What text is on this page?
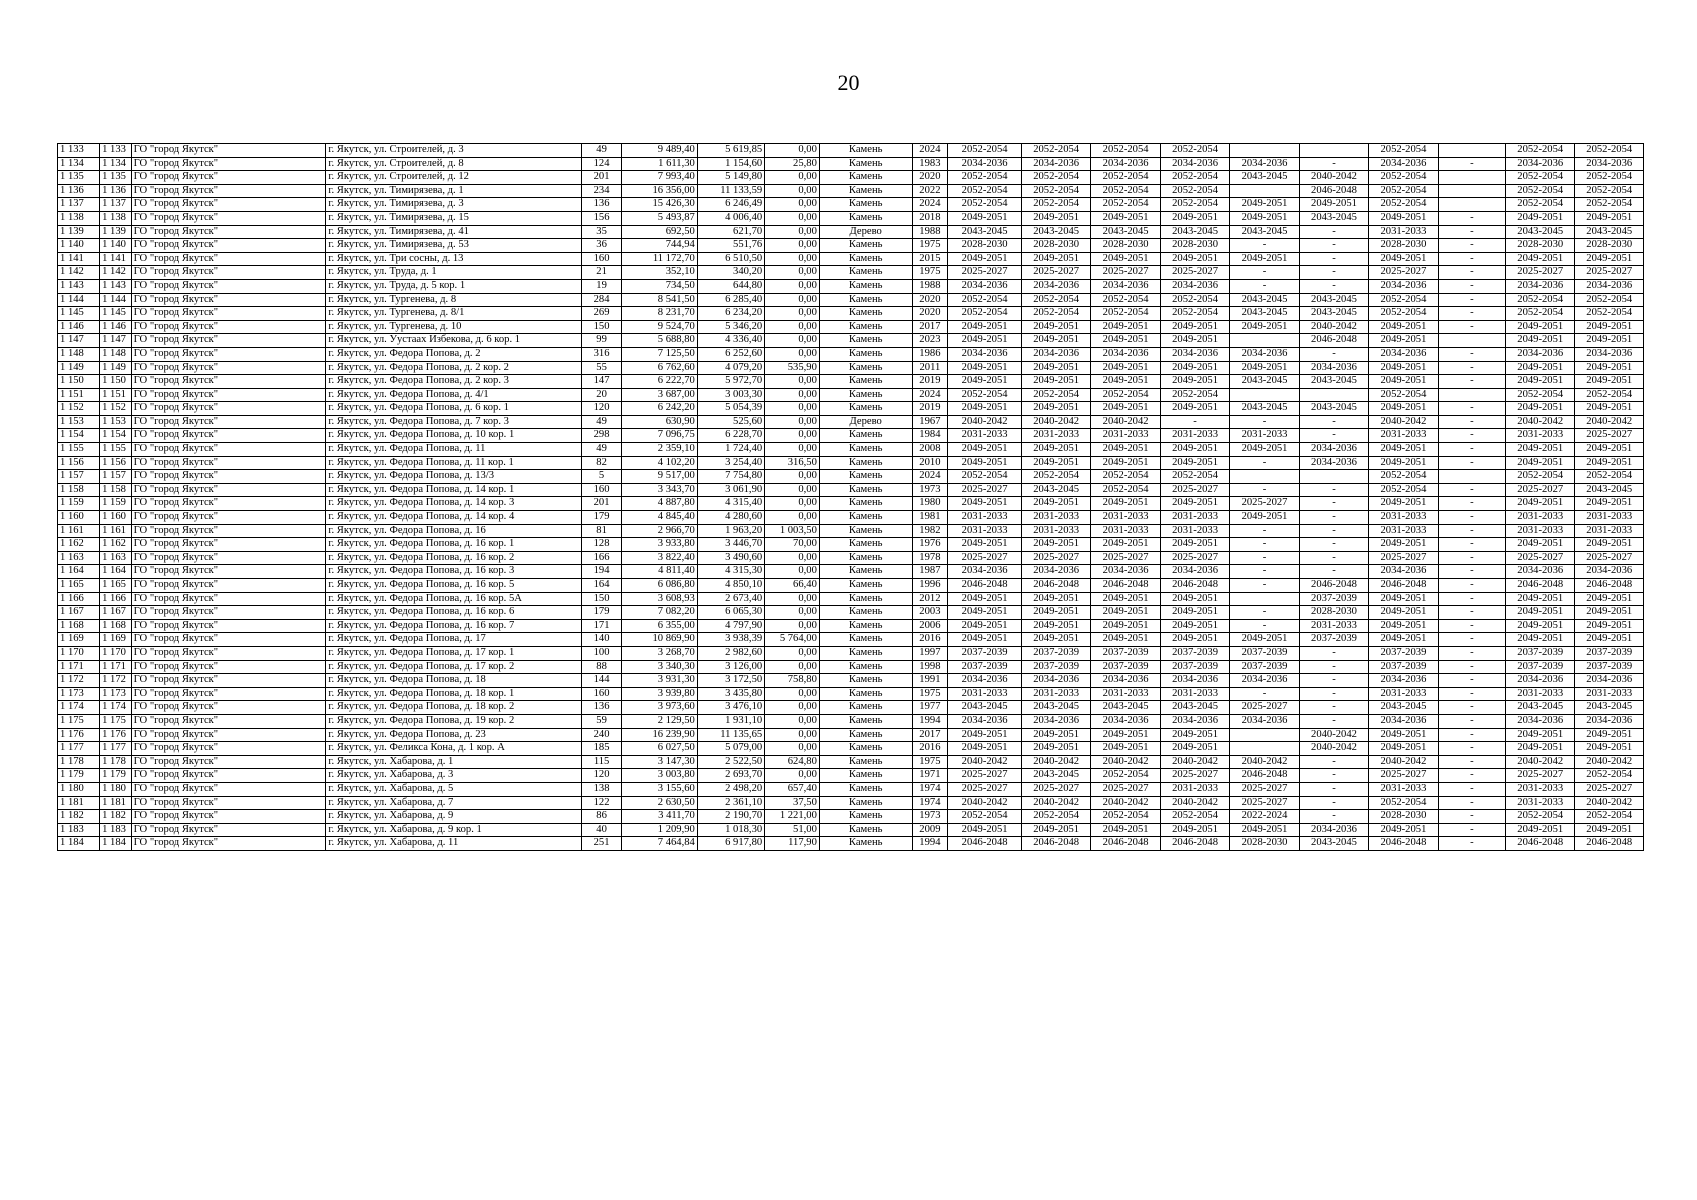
20
1 133	1 133	ГО "город Якутск"	г. Якутск, ул. Строителей, д. 3	49	9 489,40	5 619,85	0,00	Камень	2024	2052-2054	2052-2054	2052-2054	2052-2054			2052-2054		2052-2054	2052-2054
1 134	1 134	ГО "город Якутск"	г. Якутск, ул. Строителей, д. 8	124	1 611,30	1 154,60	25,80	Камень	1983	2034-2036	2034-2036	2034-2036	2034-2036	2034-2036	-	2034-2036	-	2034-2036	2034-2036
1 135	1 135	ГО "город Якутск"	г. Якутск, ул. Строителей, д. 12	201	7 993,40	5 149,80	0,00	Камень	2020	2052-2054	2052-2054	2052-2054	2052-2054	2043-2045	2040-2042	2052-2054		2052-2054	2052-2054
1 136	1 136	ГО "город Якутск"	г. Якутск, ул. Тимирязева, д. 1	234	16 356,00	11 133,59	0,00	Камень	2022	2052-2054	2052-2054	2052-2054	2052-2054		2046-2048	2052-2054		2052-2054	2052-2054
1 137	1 137	ГО "город Якутск"	г. Якутск, ул. Тимирязева, д. 3	136	15 426,30	6 246,49	0,00	Камень	2024	2052-2054	2052-2054	2052-2054	2052-2054	2049-2051	2049-2051	2052-2054		2052-2054	2052-2054
1 138	1 138	ГО "город Якутск"	г. Якутск, ул. Тимирязева, д. 15	156	5 493,87	4 006,40	0,00	Камень	2018	2049-2051	2049-2051	2049-2051	2049-2051	2049-2051	2043-2045	2049-2051	-	2049-2051	2049-2051
1 139	1 139	ГО "город Якутск"	г. Якутск, ул. Тимирязева, д. 41	35	692,50	621,70	0,00	Дерево	1988	2043-2045	2043-2045	2043-2045	2043-2045	2043-2045	-	2031-2033	-	2043-2045	2043-2045
1 140	1 140	ГО "город Якутск"	г. Якутск, ул. Тимирязева, д. 53	36	744,94	551,76	0,00	Камень	1975	2028-2030	2028-2030	2028-2030	2028-2030	-	-	2028-2030	-	2028-2030	2028-2030
1 141	1 141	ГО "город Якутск"	г. Якутск, ул. Три сосны, д. 13	160	11 172,70	6 510,50	0,00	Камень	2015	2049-2051	2049-2051	2049-2051	2049-2051	2049-2051	-	2049-2051	-	2049-2051	2049-2051
1 142	1 142	ГО "город Якутск"	г. Якутск, ул. Труда, д. 1	21	352,10	340,20	0,00	Камень	1975	2025-2027	2025-2027	2025-2027	2025-2027	-	-	2025-2027	-	2025-2027	2025-2027
1 143	1 143	ГО "город Якутск"	г. Якутск, ул. Труда, д. 5 кор. 1	19	734,50	644,80	0,00	Камень	1988	2034-2036	2034-2036	2034-2036	2034-2036	-	-	2034-2036	-	2034-2036	2034-2036
1 144	1 144	ГО "город Якутск"	г. Якутск, ул. Тургенева, д. 8	284	8 541,50	6 285,40	0,00	Камень	2020	2052-2054	2052-2054	2052-2054	2052-2054	2043-2045	2043-2045	2052-2054	-	2052-2054	2052-2054
1 145	1 145	ГО "город Якутск"	г. Якутск, ул. Тургенева, д. 8/1	269	8 231,70	6 234,20	0,00	Камень	2020	2052-2054	2052-2054	2052-2054	2052-2054	2043-2045	2043-2045	2052-2054	-	2052-2054	2052-2054
1 146	1 146	ГО "город Якутск"	г. Якутск, ул. Тургенева, д. 10	150	9 524,70	5 346,20	0,00	Камень	2017	2049-2051	2049-2051	2049-2051	2049-2051	2049-2051	2040-2042	2049-2051	-	2049-2051	2049-2051
1 147	1 147	ГО "город Якутск"	г. Якутск, ул. Уустаах Избекова, д. 6 кор. 1	99	5 688,80	4 336,40	0,00	Камень	2023	2049-2051	2049-2051	2049-2051	2049-2051		2046-2048	2049-2051		2049-2051	2049-2051
1 148	1 148	ГО "город Якутск"	г. Якутск, ул. Федора Попова, д. 2	316	7 125,50	6 252,60	0,00	Камень	1986	2034-2036	2034-2036	2034-2036	2034-2036	2034-2036	-	2034-2036	-	2034-2036	2034-2036
1 149	1 149	ГО "город Якутск"	г. Якутск, ул. Федора Попова, д. 2 кор. 2	55	6 762,60	4 079,20	535,90	Камень	2011	2049-2051	2049-2051	2049-2051	2049-2051	2049-2051	2034-2036	2049-2051	-	2049-2051	2049-2051
1 150	1 150	ГО "город Якутск"	г. Якутск, ул. Федора Попова, д. 2 кор. 3	147	6 222,70	5 972,70	0,00	Камень	2019	2049-2051	2049-2051	2049-2051	2049-2051	2043-2045	2043-2045	2049-2051	-	2049-2051	2049-2051
1 151	1 151	ГО "город Якутск"	г. Якутск, ул. Федора Попова, д. 4/1	20	3 687,00	3 003,30	0,00	Камень	2024	2052-2054	2052-2054	2052-2054	2052-2054			2052-2054		2052-2054	2052-2054
1 152	1 152	ГО "город Якутск"	г. Якутск, ул. Федора Попова, д. 6 кор. 1	120	6 242,20	5 054,39	0,00	Камень	2019	2049-2051	2049-2051	2049-2051	2049-2051	2043-2045	2043-2045	2049-2051	-	2049-2051	2049-2051
1 153	1 153	ГО "город Якутск"	г. Якутск, ул. Федора Попова, д. 7 кор. 3	49	630,90	525,60	0,00	Дерево	1967	2040-2042	2040-2042	2040-2042	-	-	-	2040-2042	-	2040-2042	2040-2042
1 154	1 154	ГО "город Якутск"	г. Якутск, ул. Федора Попова, д. 10 кор. 1	298	7 096,75	6 228,70	0,00	Камень	1984	2031-2033	2031-2033	2031-2033	2031-2033	2031-2033	-	2031-2033	-	2031-2033	2025-2027
1 155	1 155	ГО "город Якутск"	г. Якутск, ул. Федора Попова, д. 11	49	2 359,10	1 724,40	0,00	Камень	2008	2049-2051	2049-2051	2049-2051	2049-2051	2049-2051	2034-2036	2049-2051	-	2049-2051	2049-2051
1 156	1 156	ГО "город Якутск"	г. Якутск, ул. Федора Попова, д. 11 кор. 1	82	4 102,20	3 254,40	316,50	Камень	2010	2049-2051	2049-2051	2049-2051	2049-2051	-	2034-2036	2049-2051	-	2049-2051	2049-2051
1 157	1 157	ГО "город Якутск"	г. Якутск, ул. Федора Попова, д. 13/3	5	9 517,00	7 754,80	0,00	Камень	2024	2052-2054	2052-2054	2052-2054	2052-2054			2052-2054		2052-2054	2052-2054
1 158	1 158	ГО "город Якутск"	г. Якутск, ул. Федора Попова, д. 14 кор. 1	160	3 343,70	3 061,90	0,00	Камень	1973	2025-2027	2043-2045	2052-2054	2025-2027	-	-	2052-2054	-	2025-2027	2043-2045
1 159	1 159	ГО "город Якутск"	г. Якутск, ул. Федора Попова, д. 14 кор. 3	201	4 887,80	4 315,40	0,00	Камень	1980	2049-2051	2049-2051	2049-2051	2049-2051	2025-2027	-	2049-2051	-	2049-2051	2049-2051
1 160	1 160	ГО "город Якутск"	г. Якутск, ул. Федора Попова, д. 14 кор. 4	179	4 845,40	4 280,60	0,00	Камень	1981	2031-2033	2031-2033	2031-2033	2031-2033	2049-2051	-	2031-2033	-	2031-2033	2031-2033
1 161	1 161	ГО "город Якутск"	г. Якутск, ул. Федора Попова, д. 16	81	2 966,70	1 963,20	1 003,50	Камень	1982	2031-2033	2031-2033	2031-2033	2031-2033	-	-	2031-2033	-	2031-2033	2031-2033
1 162	1 162	ГО "город Якутск"	г. Якутск, ул. Федора Попова, д. 16 кор. 1	128	3 933,80	3 446,70	70,00	Камень	1976	2049-2051	2049-2051	2049-2051	2049-2051	-	-	2049-2051	-	2049-2051	2049-2051
1 163	1 163	ГО "город Якутск"	г. Якутск, ул. Федора Попова, д. 16 кор. 2	166	3 822,40	3 490,60	0,00	Камень	1978	2025-2027	2025-2027	2025-2027	2025-2027	-	-	2025-2027	-	2025-2027	2025-2027
1 164	1 164	ГО "город Якутск"	г. Якутск, ул. Федора Попова, д. 16 кор. 3	194	4 811,40	4 315,30	0,00	Камень	1987	2034-2036	2034-2036	2034-2036	2034-2036	-	-	2034-2036	-	2034-2036	2034-2036
1 165	1 165	ГО "город Якутск"	г. Якутск, ул. Федора Попова, д. 16 кор. 5	164	6 086,80	4 850,10	66,40	Камень	1996	2046-2048	2046-2048	2046-2048	2046-2048	-	2046-2048	2046-2048	-	2046-2048	2046-2048
1 166	1 166	ГО "город Якутск"	г. Якутск, ул. Федора Попова, д. 16 кор. 5А	150	3 608,93	2 673,40	0,00	Камень	2012	2049-2051	2049-2051	2049-2051	2049-2051		2037-2039	2049-2051	-	2049-2051	2049-2051
1 167	1 167	ГО "город Якутск"	г. Якутск, ул. Федора Попова, д. 16 кор. 6	179	7 082,20	6 065,30	0,00	Камень	2003	2049-2051	2049-2051	2049-2051	2049-2051	-	2028-2030	2049-2051	-	2049-2051	2049-2051
1 168	1 168	ГО "город Якутск"	г. Якутск, ул. Федора Попова, д. 16 кор. 7	171	6 355,00	4 797,90	0,00	Камень	2006	2049-2051	2049-2051	2049-2051	2049-2051	-	2031-2033	2049-2051	-	2049-2051	2049-2051
1 169	1 169	ГО "город Якутск"	г. Якутск, ул. Федора Попова, д. 17	140	10 869,90	3 938,39	5 764,00	Камень	2016	2049-2051	2049-2051	2049-2051	2049-2051	2049-2051	2037-2039	2049-2051	-	2049-2051	2049-2051
1 170	1 170	ГО "город Якутск"	г. Якутск, ул. Федора Попова, д. 17 кор. 1	100	3 268,70	2 982,60	0,00	Камень	1997	2037-2039	2037-2039	2037-2039	2037-2039	2037-2039	-	2037-2039	-	2037-2039	2037-2039
1 171	1 171	ГО "город Якутск"	г. Якутск, ул. Федора Попова, д. 17 кор. 2	88	3 340,30	3 126,00	0,00	Камень	1998	2037-2039	2037-2039	2037-2039	2037-2039	2037-2039	-	2037-2039	-	2037-2039	2037-2039
1 172	1 172	ГО "город Якутск"	г. Якутск, ул. Федора Попова, д. 18	144	3 931,30	3 172,50	758,80	Камень	1991	2034-2036	2034-2036	2034-2036	2034-2036	2034-2036	-	2034-2036	-	2034-2036	2034-2036
1 173	1 173	ГО "город Якутск"	г. Якутск, ул. Федора Попова, д. 18 кор. 1	160	3 939,80	3 435,80	0,00	Камень	1975	2031-2033	2031-2033	2031-2033	2031-2033	-	-	2031-2033	-	2031-2033	2031-2033
1 174	1 174	ГО "город Якутск"	г. Якутск, ул. Федора Попова, д. 18 кор. 2	136	3 973,60	3 476,10	0,00	Камень	1977	2043-2045	2043-2045	2043-2045	2043-2045	2025-2027	-	2043-2045	-	2043-2045	2043-2045
1 175	1 175	ГО "город Якутск"	г. Якутск, ул. Федора Попова, д. 19 кор. 2	59	2 129,50	1 931,10	0,00	Камень	1994	2034-2036	2034-2036	2034-2036	2034-2036	2034-2036	-	2034-2036	-	2034-2036	2034-2036
1 176	1 176	ГО "город Якутск"	г. Якутск, ул. Федора Попова, д. 23	240	16 239,90	11 135,65	0,00	Камень	2017	2049-2051	2049-2051	2049-2051	2049-2051		2040-2042	2049-2051	-	2049-2051	2049-2051
1 177	1 177	ГО "город Якутск"	г. Якутск, ул. Феликса Кона, д. 1 кор. А	185	6 027,50	5 079,00	0,00	Камень	2016	2049-2051	2049-2051	2049-2051	2049-2051		2040-2042	2049-2051	-	2049-2051	2049-2051
1 178	1 178	ГО "город Якутск"	г. Якутск, ул. Хабарова, д. 1	115	3 147,30	2 522,50	624,80	Камень	1975	2040-2042	2040-2042	2040-2042	2040-2042	2040-2042	-	2040-2042	-	2040-2042	2040-2042
1 179	1 179	ГО "город Якутск"	г. Якутск, ул. Хабарова, д. 3	120	3 003,80	2 693,70	0,00	Камень	1971	2025-2027	2043-2045	2052-2054	2025-2027	2046-2048	-	2025-2027	-	2025-2027	2052-2054
1 180	1 180	ГО "город Якутск"	г. Якутск, ул. Хабарова, д. 5	138	3 155,60	2 498,20	657,40	Камень	1974	2025-2027	2025-2027	2025-2027	2031-2033	2025-2027	-	2031-2033	-	2031-2033	2025-2027
1 181	1 181	ГО "город Якутск"	г. Якутск, ул. Хабарова, д. 7	122	2 630,50	2 361,10	37,50	Камень	1974	2040-2042	2040-2042	2040-2042	2040-2042	2025-2027	-	2052-2054	-	2031-2033	2040-2042
1 182	1 182	ГО "город Якутск"	г. Якутск, ул. Хабарова, д. 9	86	3 411,70	2 190,70	1 221,00	Камень	1973	2052-2054	2052-2054	2052-2054	2052-2054	2022-2024	-	2028-2030	-	2052-2054	2052-2054
1 183	1 183	ГО "город Якутск"	г. Якутск, ул. Хабарова, д. 9 кор. 1	40	1 209,90	1 018,30	51,00	Камень	2009	2049-2051	2049-2051	2049-2051	2049-2051	2049-2051	2034-2036	2049-2051	-	2049-2051	2049-2051
1 184	1 184	ГО "город Якутск"	г. Якутск, ул. Хабарова, д. 11	251	7 464,84	6 917,80	117,90	Камень	1994	2046-2048	2046-2048	2046-2048	2046-2048	2028-2030	2043-2045	2046-2048	-	2046-2048	2046-2048
